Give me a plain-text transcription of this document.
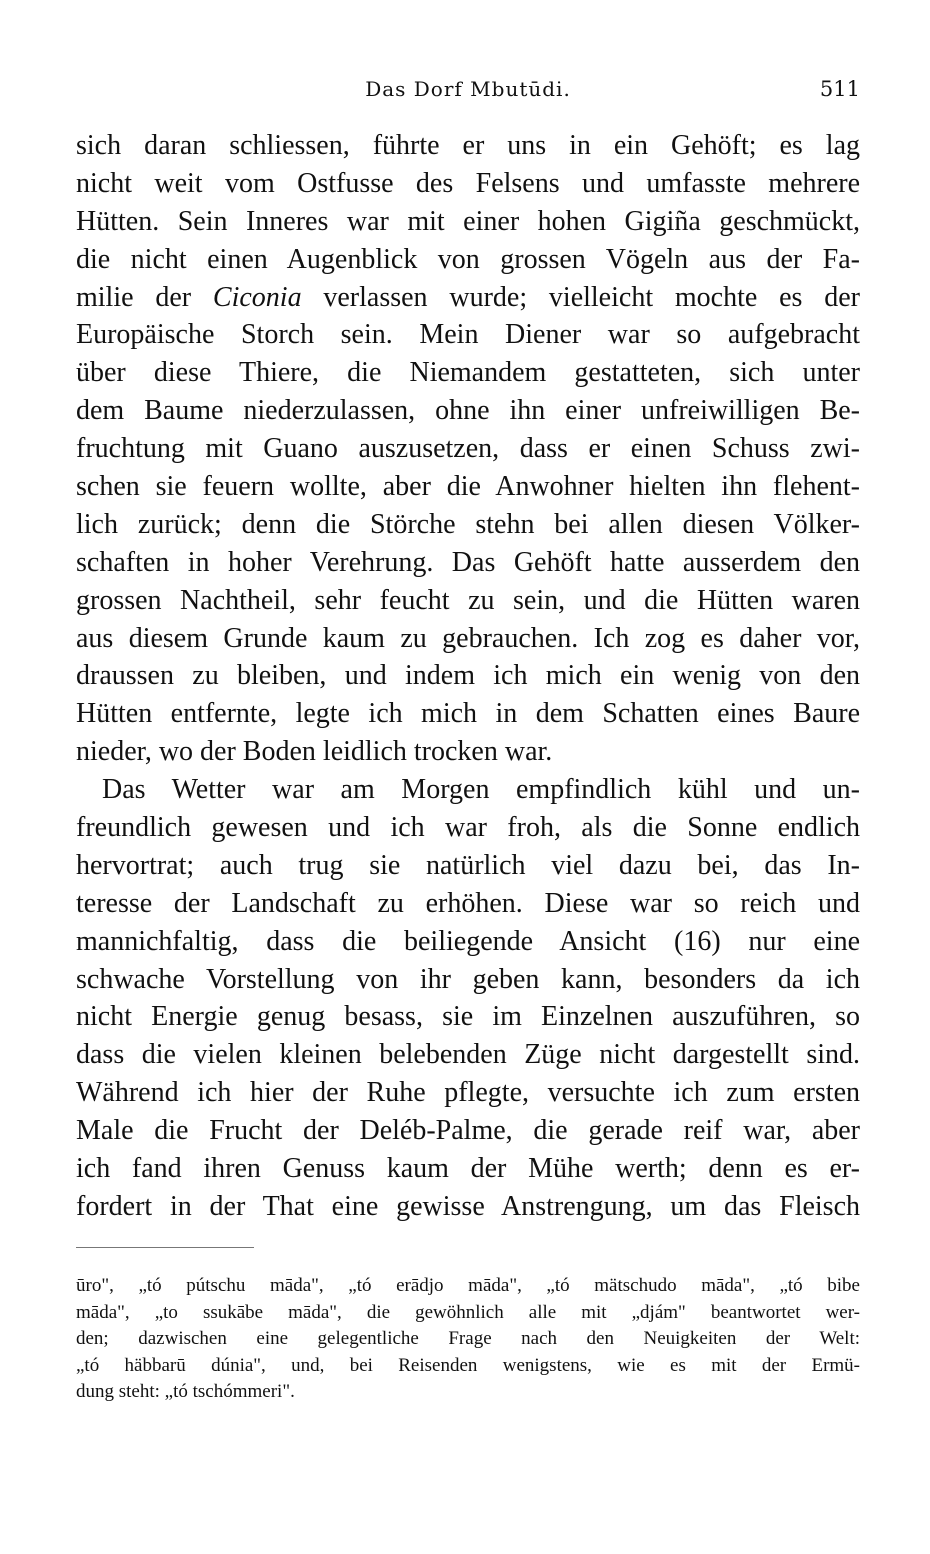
Das Dorf Mbutūdi.	511
sich daran schliessen, führte er uns in ein Gehöft; es lag
nicht weit vom Ostfusse des Felsens und umfasste mehrere
Hütten. Sein Inneres war mit einer hohen Gigiña geschmückt,
die nicht einen Augenblick von grossen Vögeln aus der Fa-
milie der Ciconia verlassen wurde; vielleicht mochte es der
Europäische Storch sein. Mein Diener war so aufgebracht
über diese Thiere, die Niemandem gestatteten, sich unter
dem Baume niederzulassen, ohne ihn einer unfreiwilligen Be-
fruchtung mit Guano auszusetzen, dass er einen Schuss zwi-
schen sie feuern wollte, aber die Anwohner hielten ihn flehent-
lich zurück; denn die Störche stehn bei allen diesen Völker-
schaften in hoher Verehrung. Das Gehöft hatte ausserdem den
grossen Nachtheil, sehr feucht zu sein, und die Hütten waren
aus diesem Grunde kaum zu gebrauchen. Ich zog es daher vor,
draussen zu bleiben, und indem ich mich ein wenig von den
Hütten entfernte, legte ich mich in dem Schatten eines Baure
nieder, wo der Boden leidlich trocken war.
Das Wetter war am Morgen empfindlich kühl und un-
freundlich gewesen und ich war froh, als die Sonne endlich
hervortrat; auch trug sie natürlich viel dazu bei, das In-
teresse der Landschaft zu erhöhen. Diese war so reich und
mannichfaltig, dass die beiliegende Ansicht (16) nur eine
schwache Vorstellung von ihr geben kann, besonders da ich
nicht Energie genug besass, sie im Einzelnen auszuführen, so
dass die vielen kleinen belebenden Züge nicht dargestellt sind.
Während ich hier der Ruhe pflegte, versuchte ich zum ersten
Male die Frucht der Deléb-Palme, die gerade reif war, aber
ich fand ihren Genuss kaum der Mühe werth; denn es er-
fordert in der That eine gewisse Anstrengung, um das Fleisch
ūro", „tó pútschu māda", „tó erādjo māda", „tó mätschudo māda", „tó bibe
māda", „to ssukābe māda", die gewöhnlich alle mit „djám" beantwortet wer-
den; dazwischen eine gelegentliche Frage nach den Neuigkeiten der Welt:
„tó häbbarū dúnia", und, bei Reisenden wenigstens, wie es mit der Ermü-
dung steht: „tó tschómmeri".
